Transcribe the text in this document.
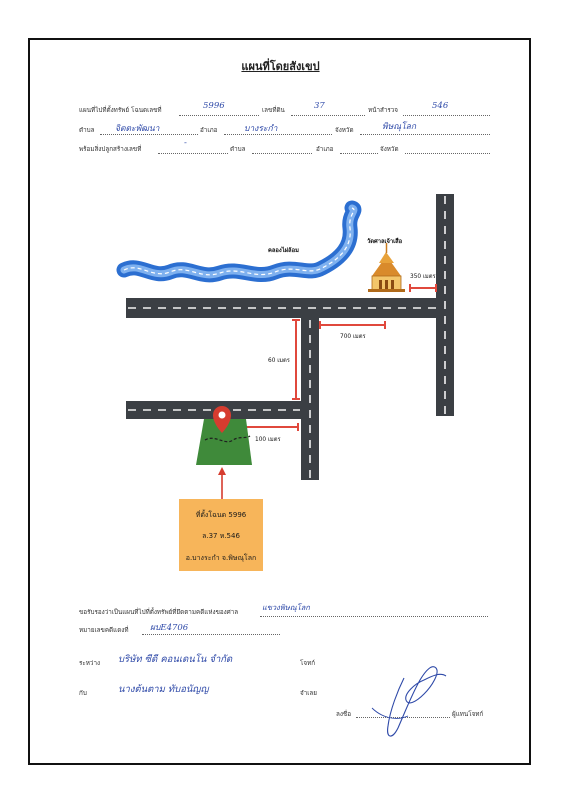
แผนที่โดยสังเขป
แผนที่ไปที่ตั้งทรัพย์ โฉนดเลขที่	5996	เลขที่ดิน	37	หน้าสำรวจ	546
ตำบล จิตตะพัฒนา	อำเภอ	บางระกำ	จังหวัด	พิษณุโลก
พร้อมสิ่งปลูกสร้างเลขที่
-
ตำบล	อำเภอ	จังหวัด
คลองไผ่ล้อม
วัดศาลเจ้าเสือ
350 เมตร
700 เมตร
60 เมตร
100 เมตร
ที่ตั้งโฉนด 5996
ล.37 ห.546
อ.บางระกำ จ.พิษณุโลก
ขอรับรองว่าเป็นแผนที่ไปที่ตั้งทรัพย์ที่ยึดตามคดีแห่งของศาล
แขวงพิษณุโลก
หมายเลขคดีแดงที่	ผบE4706
ระหว่าง บริษัท ซีดี คอนเดนโน จำกัด	โจทก์
กับ	นางต้นตาม ทับอนัญญ	จำเลย
ลงชื่อ	ผู้แทนโจทก์
